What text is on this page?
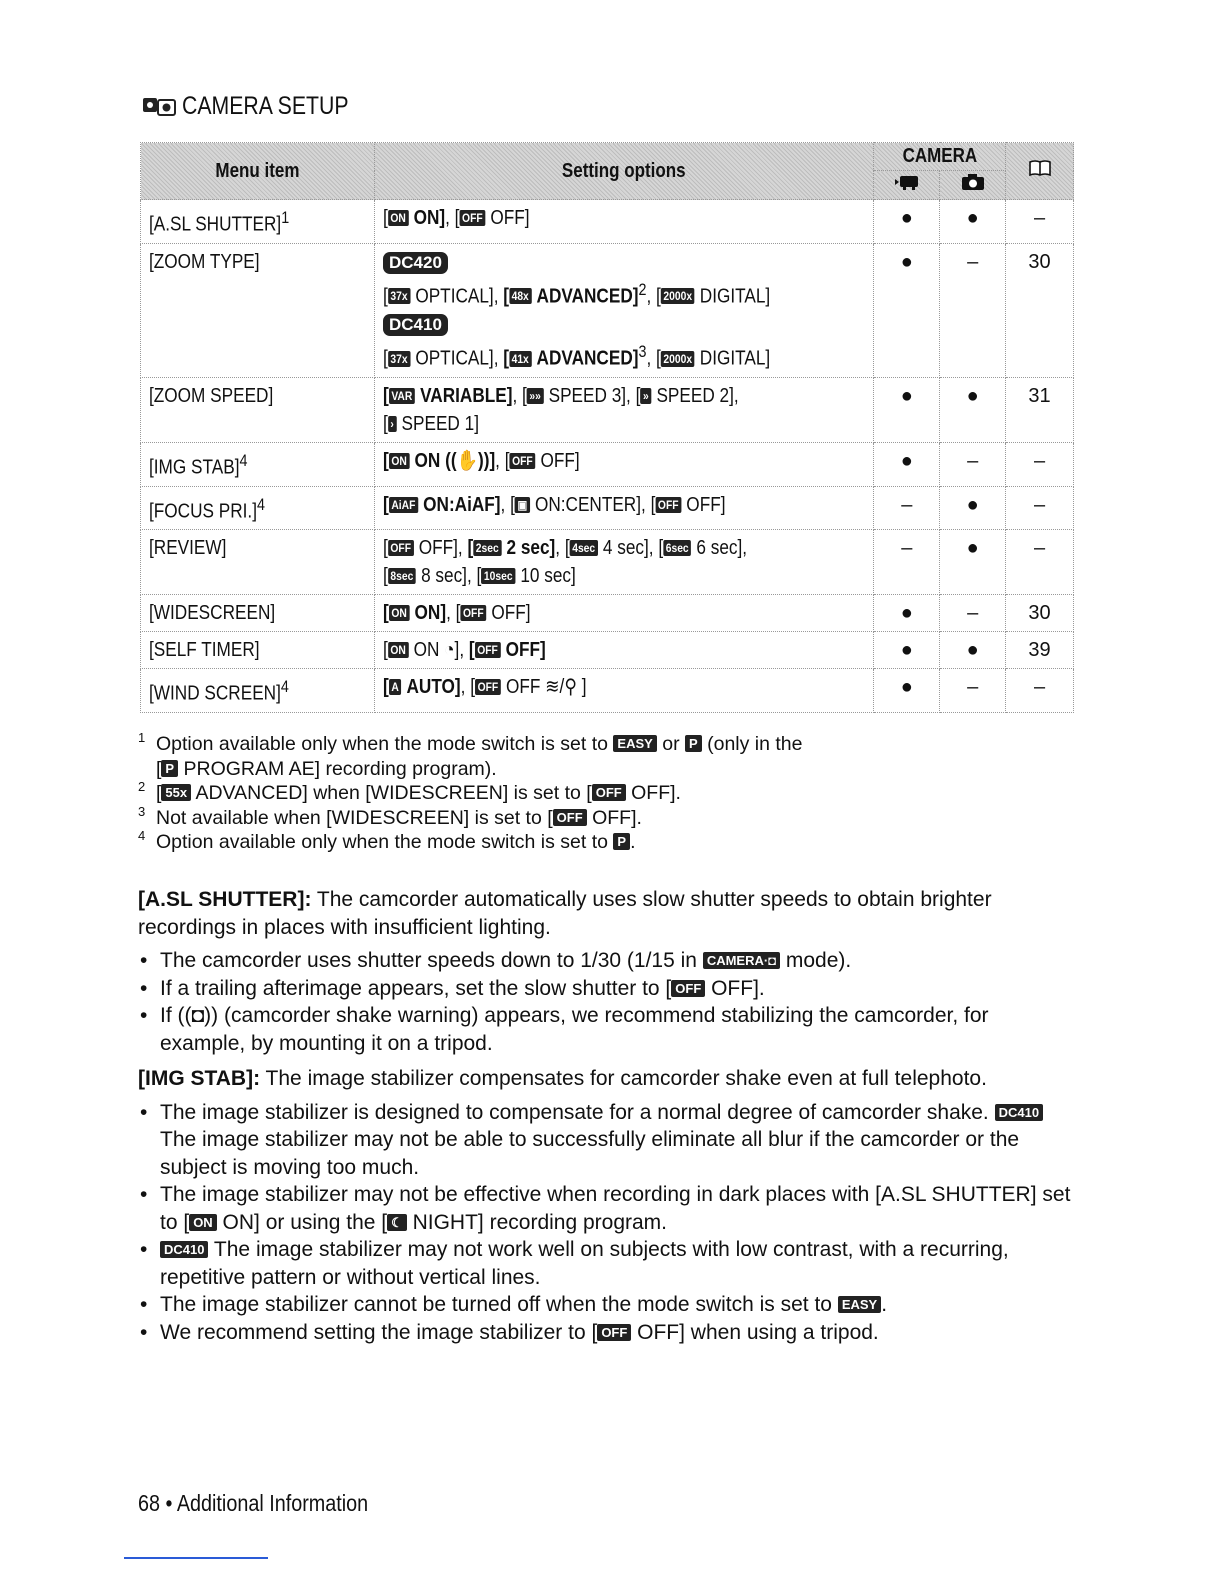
CAMERA SETUP
Menu item	Setting options	CAMERA	

[A.SL SHUTTER]$^1$	[ ON ON], [ OFF OFF]	●	●	–
[ZOOM TYPE]	DC420
[ 37x OPTICAL], [ 48x ADVANCED]$^2$, [ 2000x DIGITAL]
DC410
[ 37x OPTICAL], [ 41x ADVANCED]$^3$, [ 2000x DIGITAL]	●	–	30
[ZOOM SPEED]	[ VAR VARIABLE], [ »» SPEED 3], [ » SPEED 2],
[ › SPEED 1]	●	●	31
[IMG STAB]$^4$	[ ON ON ((✋))], [ OFF OFF]	●	–	–
[FOCUS PRI.]$^4$	[ AiAF ON:AiAF], [ ▣ ON:CENTER], [ OFF OFF]	–	●	–
[REVIEW]	[ OFF OFF], [ 2sec 2 sec], [ 4sec 4 sec], [ 6sec 6 sec],
[ 8sec 8 sec], [ 10sec 10 sec]	–	●	–
[WIDESCREEN]	[ ON ON], [ OFF OFF]	●	–	30
[SELF TIMER]	[ ON ON ◔], [ OFF OFF]	●	●	39
[WIND SCREEN]$^4$	[ A AUTO], [ OFF OFF ≋/⚲ ]	●	–	–
1 Option available only when the mode switch is set to EASY or P (only in the
[ P PROGRAM AE] recording program).
2 [ 55x ADVANCED] when [WIDESCREEN] is set to [ OFF OFF].
3 Not available when [WIDESCREEN] is set to [ OFF OFF].
4 Option available only when the mode switch is set to P .

[A.SL SHUTTER]: The camcorder automatically uses slow shutter speeds to obtain brighter recordings in places with insufficient lighting.

• The camcorder uses shutter speeds down to 1/30 (1/15 in CAMERA·◘ mode).
• If a trailing afterimage appears, set the slow shutter to [ OFF OFF].
• If ((◘)) (camcorder shake warning) appears, we recommend stabilizing the camcorder, for example, by mounting it on a tripod.

[IMG STAB]: The image stabilizer compensates for camcorder shake even at full telephoto.

• The image stabilizer is designed to compensate for a normal degree of camcorder shake. DC410 The image stabilizer may not be able to successfully eliminate all blur if the camcorder or the subject is moving too much.
• The image stabilizer may not be effective when recording in dark places with [A.SL SHUTTER] set to [ ON ON] or using the [ ☾ NIGHT] recording program.
• DC410 The image stabilizer may not work well on subjects with low contrast, with a recurring, repetitive pattern or without vertical lines.
• The image stabilizer cannot be turned off when the mode switch is set to EASY .
• We recommend setting the image stabilizer to [ OFF OFF] when using a tripod.
68 • Additional Information
